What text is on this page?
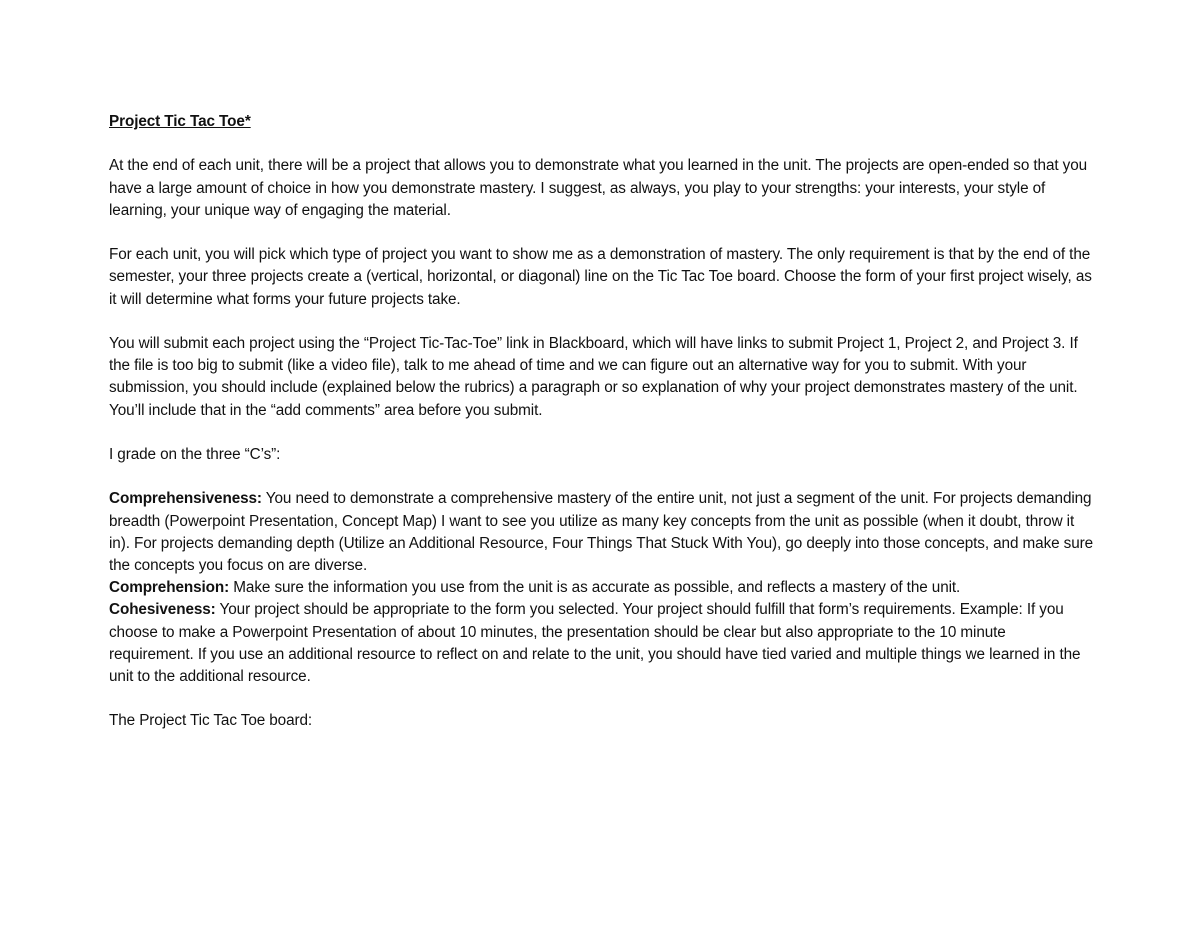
Project Tic Tac Toe*

At the end of each unit, there will be a project that allows you to demonstrate what you learned in the unit. The projects are open-ended so that you have a large amount of choice in how you demonstrate mastery. I suggest, as always, you play to your strengths: your interests, your style of learning, your unique way of engaging the material.

For each unit, you will pick which type of project you want to show me as a demonstration of mastery. The only requirement is that by the end of the semester, your three projects create a (vertical, horizontal, or diagonal) line on the Tic Tac Toe board. Choose the form of your first project wisely, as it will determine what forms your future projects take.

You will submit each project using the “Project Tic-Tac-Toe” link in Blackboard, which will have links to submit Project 1, Project 2, and Project 3. If the file is too big to submit (like a video file), talk to me ahead of time and we can figure out an alternative way for you to submit. With your submission, you should include (explained below the rubrics) a paragraph or so explanation of why your project demonstrates mastery of the unit. You’ll include that in the “add comments” area before you submit.

I grade on the three “C’s”:

Comprehensiveness: You need to demonstrate a comprehensive mastery of the entire unit, not just a segment of the unit. For projects demanding breadth (Powerpoint Presentation, Concept Map) I want to see you utilize as many key concepts from the unit as possible (when it doubt, throw it in). For projects demanding depth (Utilize an Additional Resource, Four Things That Stuck With You), go deeply into those concepts, and make sure the concepts you focus on are diverse.
Comprehension: Make sure the information you use from the unit is as accurate as possible, and reflects a mastery of the unit.
Cohesiveness: Your project should be appropriate to the form you selected. Your project should fulfill that form’s requirements. Example: If you choose to make a Powerpoint Presentation of about 10 minutes, the presentation should be clear but also appropriate to the 10 minute requirement. If you use an additional resource to reflect on and relate to the unit, you should have tied varied and multiple things we learned in the unit to the additional resource.

The Project Tic Tac Toe board:
